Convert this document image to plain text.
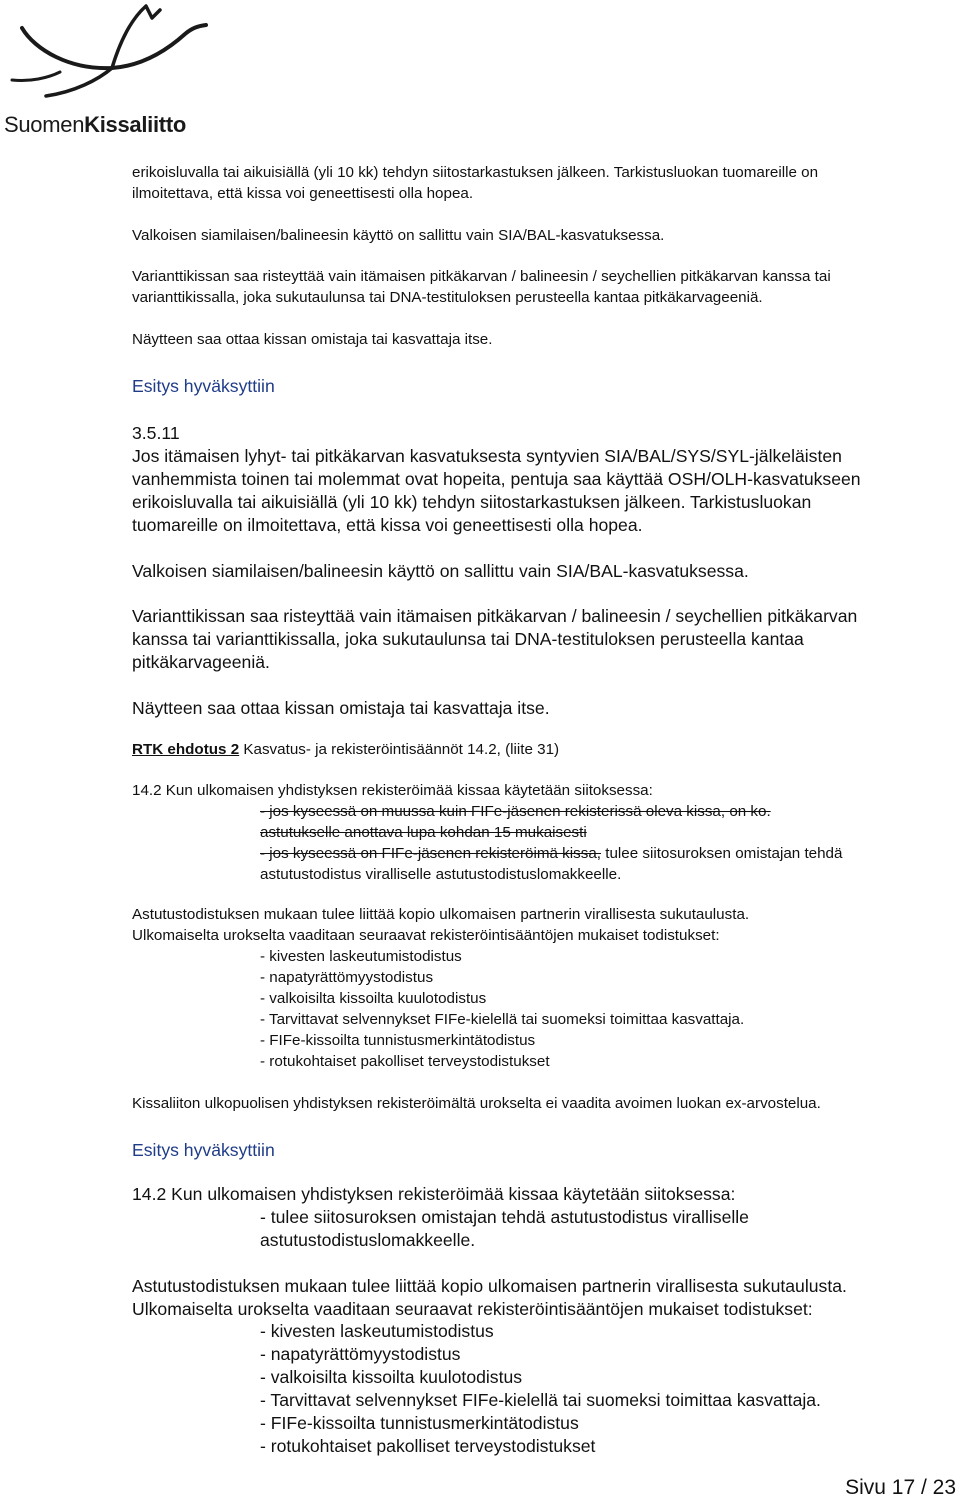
SuomenKissaliitto
erikoisluvalla tai aikuisiällä (yli 10 kk) tehdyn siitostarkastuksen jälkeen. Tarkistusluokan tuomareille on
ilmoitettava, että kissa voi geneettisesti olla hopea.
Valkoisen siamilaisen/balineesin käyttö on sallittu vain SIA/BAL-kasvatuksessa.
Varianttikissan saa risteyttää vain itämaisen pitkäkarvan / balineesin / seychellien pitkäkarvan kanssa tai
varianttikissalla, joka sukutaulunsa tai DNA-testituloksen perusteella kantaa pitkäkarvageeniä.
Näytteen saa ottaa kissan omistaja tai kasvattaja itse.
Esitys hyväksyttiin
3.5.11
Jos itämaisen lyhyt- tai pitkäkarvan kasvatuksesta syntyvien SIA/BAL/SYS/SYL-jälkeläisten
vanhemmista toinen tai molemmat ovat hopeita, pentuja saa käyttää OSH/OLH-kasvatukseen
erikoisluvalla tai aikuisiällä (yli 10 kk) tehdyn siitostarkastuksen jälkeen. Tarkistusluokan
tuomareille on ilmoitettava, että kissa voi geneettisesti olla hopea.
Valkoisen siamilaisen/balineesin käyttö on sallittu vain SIA/BAL-kasvatuksessa.
Varianttikissan saa risteyttää vain itämaisen pitkäkarvan / balineesin / seychellien pitkäkarvan
kanssa tai varianttikissalla, joka sukutaulunsa tai DNA-testituloksen perusteella kantaa
pitkäkarvageeniä.
Näytteen saa ottaa kissan omistaja tai kasvattaja itse.
RTK ehdotus 2 Kasvatus- ja rekisteröintisäännöt 14.2, (liite 31)
14.2 Kun ulkomaisen yhdistyksen rekisteröimää kissaa käytetään siitoksessa:
- jos kyseessä on muussa kuin FIFe-jäsenen rekisterissä oleva kissa, on ko.
astutukselle anottava lupa kohdan 15 mukaisesti
- jos kyseessä on FIFe-jäsenen rekisteröimä kissa, tulee siitosuroksen omistajan tehdä
astutustodistus viralliselle astutustodistuslomakkeelle.
Astutustodistuksen mukaan tulee liittää kopio ulkomaisen partnerin virallisesta sukutaulusta.
Ulkomaiselta urokselta vaaditaan seuraavat rekisteröintisääntöjen mukaiset todistukset:
- kivesten laskeutumistodistus
- napatyrättömyystodistus
- valkoisilta kissoilta kuulotodistus
- Tarvittavat selvennykset FIFe-kielellä tai suomeksi toimittaa kasvattaja.
- FIFe-kissoilta tunnistusmerkintätodistus
- rotukohtaiset pakolliset terveystodistukset
Kissaliiton ulkopuolisen yhdistyksen rekisteröimältä urokselta ei vaadita avoimen luokan ex-arvostelua.
Esitys hyväksyttiin
14.2 Kun ulkomaisen yhdistyksen rekisteröimää kissaa käytetään siitoksessa:
- tulee siitosuroksen omistajan tehdä astutustodistus viralliselle
astutustodistuslomakkeelle.
Astutustodistuksen mukaan tulee liittää kopio ulkomaisen partnerin virallisesta sukutaulusta.
Ulkomaiselta urokselta vaaditaan seuraavat rekisteröintisääntöjen mukaiset todistukset:
- kivesten laskeutumistodistus
- napatyrättömyystodistus
- valkoisilta kissoilta kuulotodistus
- Tarvittavat selvennykset FIFe-kielellä tai suomeksi toimittaa kasvattaja.
- FIFe-kissoilta tunnistusmerkintätodistus
- rotukohtaiset pakolliset terveystodistukset
Sivu 17 / 23
